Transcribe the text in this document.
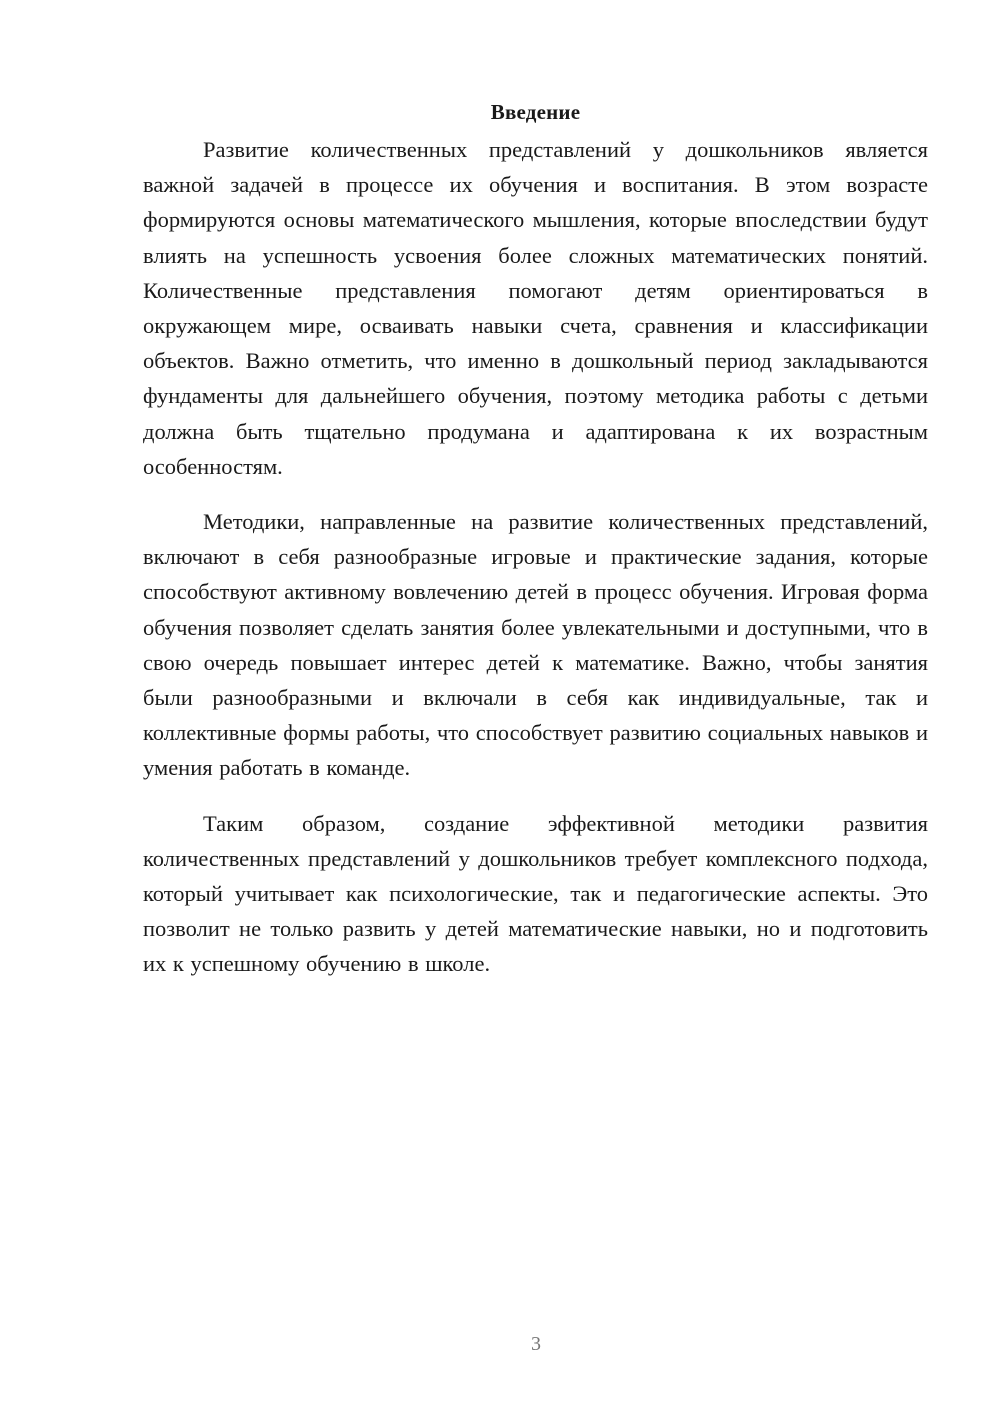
Введение

Развитие количественных представлений у дошкольников является важной задачей в процессе их обучения и воспитания. В этом возрасте формируются основы математического мышления, которые впоследствии будут влиять на успешность усвоения более сложных математических понятий. Количественные представления помогают детям ориентироваться в окружающем мире, осваивать навыки счета, сравнения и классификации объектов. Важно отметить, что именно в дошкольный период закладываются фундаменты для дальнейшего обучения, поэтому методика работы с детьми должна быть тщательно продумана и адаптирована к их возрастным особенностям.

Методики, направленные на развитие количественных представлений, включают в себя разнообразные игровые и практические задания, которые способствуют активному вовлечению детей в процесс обучения. Игровая форма обучения позволяет сделать занятия более увлекательными и доступными, что в свою очередь повышает интерес детей к математике. Важно, чтобы занятия были разнообразными и включали в себя как индивидуальные, так и коллективные формы работы, что способствует развитию социальных навыков и умения работать в команде.

Таким образом, создание эффективной методики развития количественных представлений у дошкольников требует комплексного подхода, который учитывает как психологические, так и педагогические аспекты. Это позволит не только развить у детей математические навыки, но и подготовить их к успешному обучению в школе.

3
